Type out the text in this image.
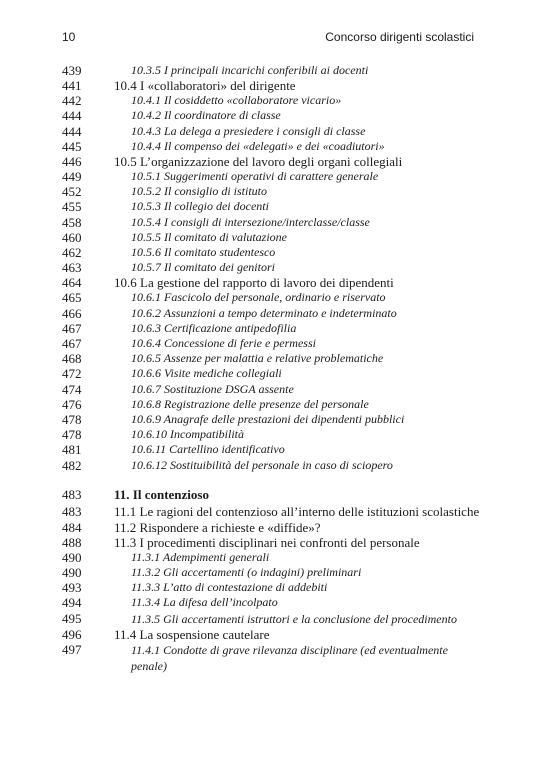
10	Concorso dirigenti scolastici
439	10.3.5 I principali incarichi conferibili ai docenti
441	10.4 I «collaboratori» del dirigente
442	10.4.1 Il cosiddetto «collaboratore vicario»
444	10.4.2 Il coordinatore di classe
444	10.4.3 La delega a presiedere i consigli di classe
445	10.4.4 Il compenso dei «delegati» e dei «coadiutori»
446	10.5 L’organizzazione del lavoro degli organi collegiali
449	10.5.1 Suggerimenti operativi di carattere generale
452	10.5.2 Il consiglio di istituto
455	10.5.3 Il collegio dei docenti
458	10.5.4 I consigli di intersezione/interclasse/classe
460	10.5.5 Il comitato di valutazione
462	10.5.6 Il comitato studentesco
463	10.5.7 Il comitato dei genitori
464	10.6 La gestione del rapporto di lavoro dei dipendenti
465	10.6.1 Fascicolo del personale, ordinario e riservato
466	10.6.2 Assunzioni a tempo determinato e indeterminato
467	10.6.3 Certificazione antipedofilia
467	10.6.4 Concessione di ferie e permessi
468	10.6.5 Assenze per malattia e relative problematiche
472	10.6.6 Visite mediche collegiali
474	10.6.7 Sostituzione DSGA assente
476	10.6.8 Registrazione delle presenze del personale
478	10.6.9 Anagrafe delle prestazioni dei dipendenti pubblici
478	10.6.10 Incompatibilità
481	10.6.11 Cartellino identificativo
482	10.6.12 Sostituibilità del personale in caso di sciopero
483	11. Il contenzioso
483	11.1 Le ragioni del contenzioso all’interno delle istituzioni scolastiche
484	11.2 Rispondere a richieste e «diffide»?
488	11.3 I procedimenti disciplinari nei confronti del personale
490	11.3.1 Adempimenti generali
490	11.3.2 Gli accertamenti (o indagini) preliminari
493	11.3.3 L’atto di contestazione di addebiti
494	11.3.4 La difesa dell’incolpato
495	11.3.5 Gli accertamenti istruttori e la conclusione del procedimento
496	11.4 La sospensione cautelare
497	11.4.1 Condotte di grave rilevanza disciplinare (ed eventualmente penale)
